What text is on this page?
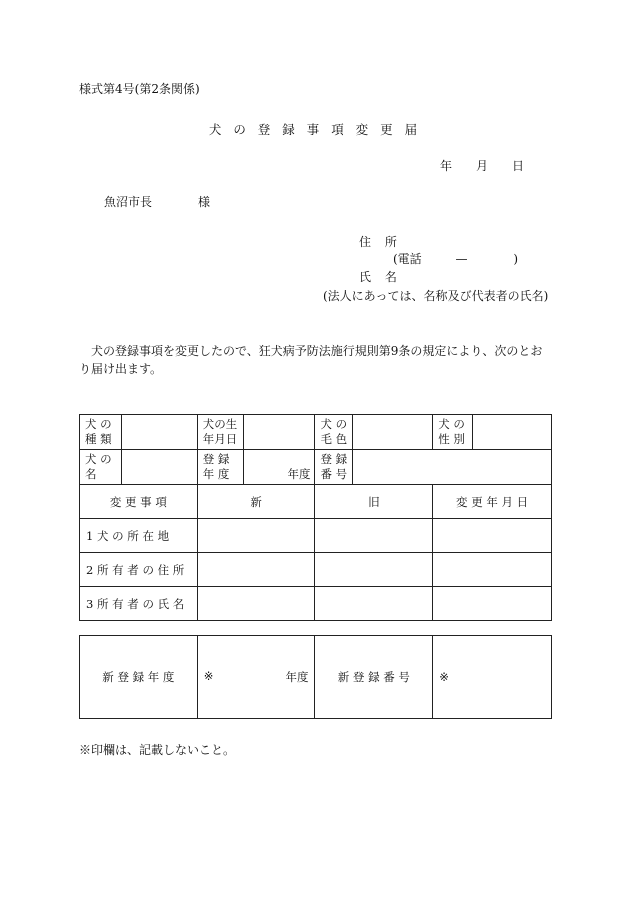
様式第4号(第2条関係)
犬 の 登 録 事 項 変 更 届
年 月 日
魚沼市長	様
住 所
(電話	—	)
氏 名
(法人にあっては、名称及び代表者の氏名)
犬の登録事項を変更したので、狂犬病予防法施行規則第9条の規定により、次のとおり届け出ます。
犬 の 種 類		犬の生 年月日		犬 の 毛 色		犬 の 性 別	
犬 の 名		登 録 年 度	年度	登 録 番 号			
変 更 事 項		新		旧		変 更 年 月 日	
1 犬 の 所 在 地							
2 所 有 者 の 住 所							
3 所 有 者 の 氏 名							
新 登 録 年 度	※	年度	新 登 録 番 号	※
※印欄は、記載しないこと。
